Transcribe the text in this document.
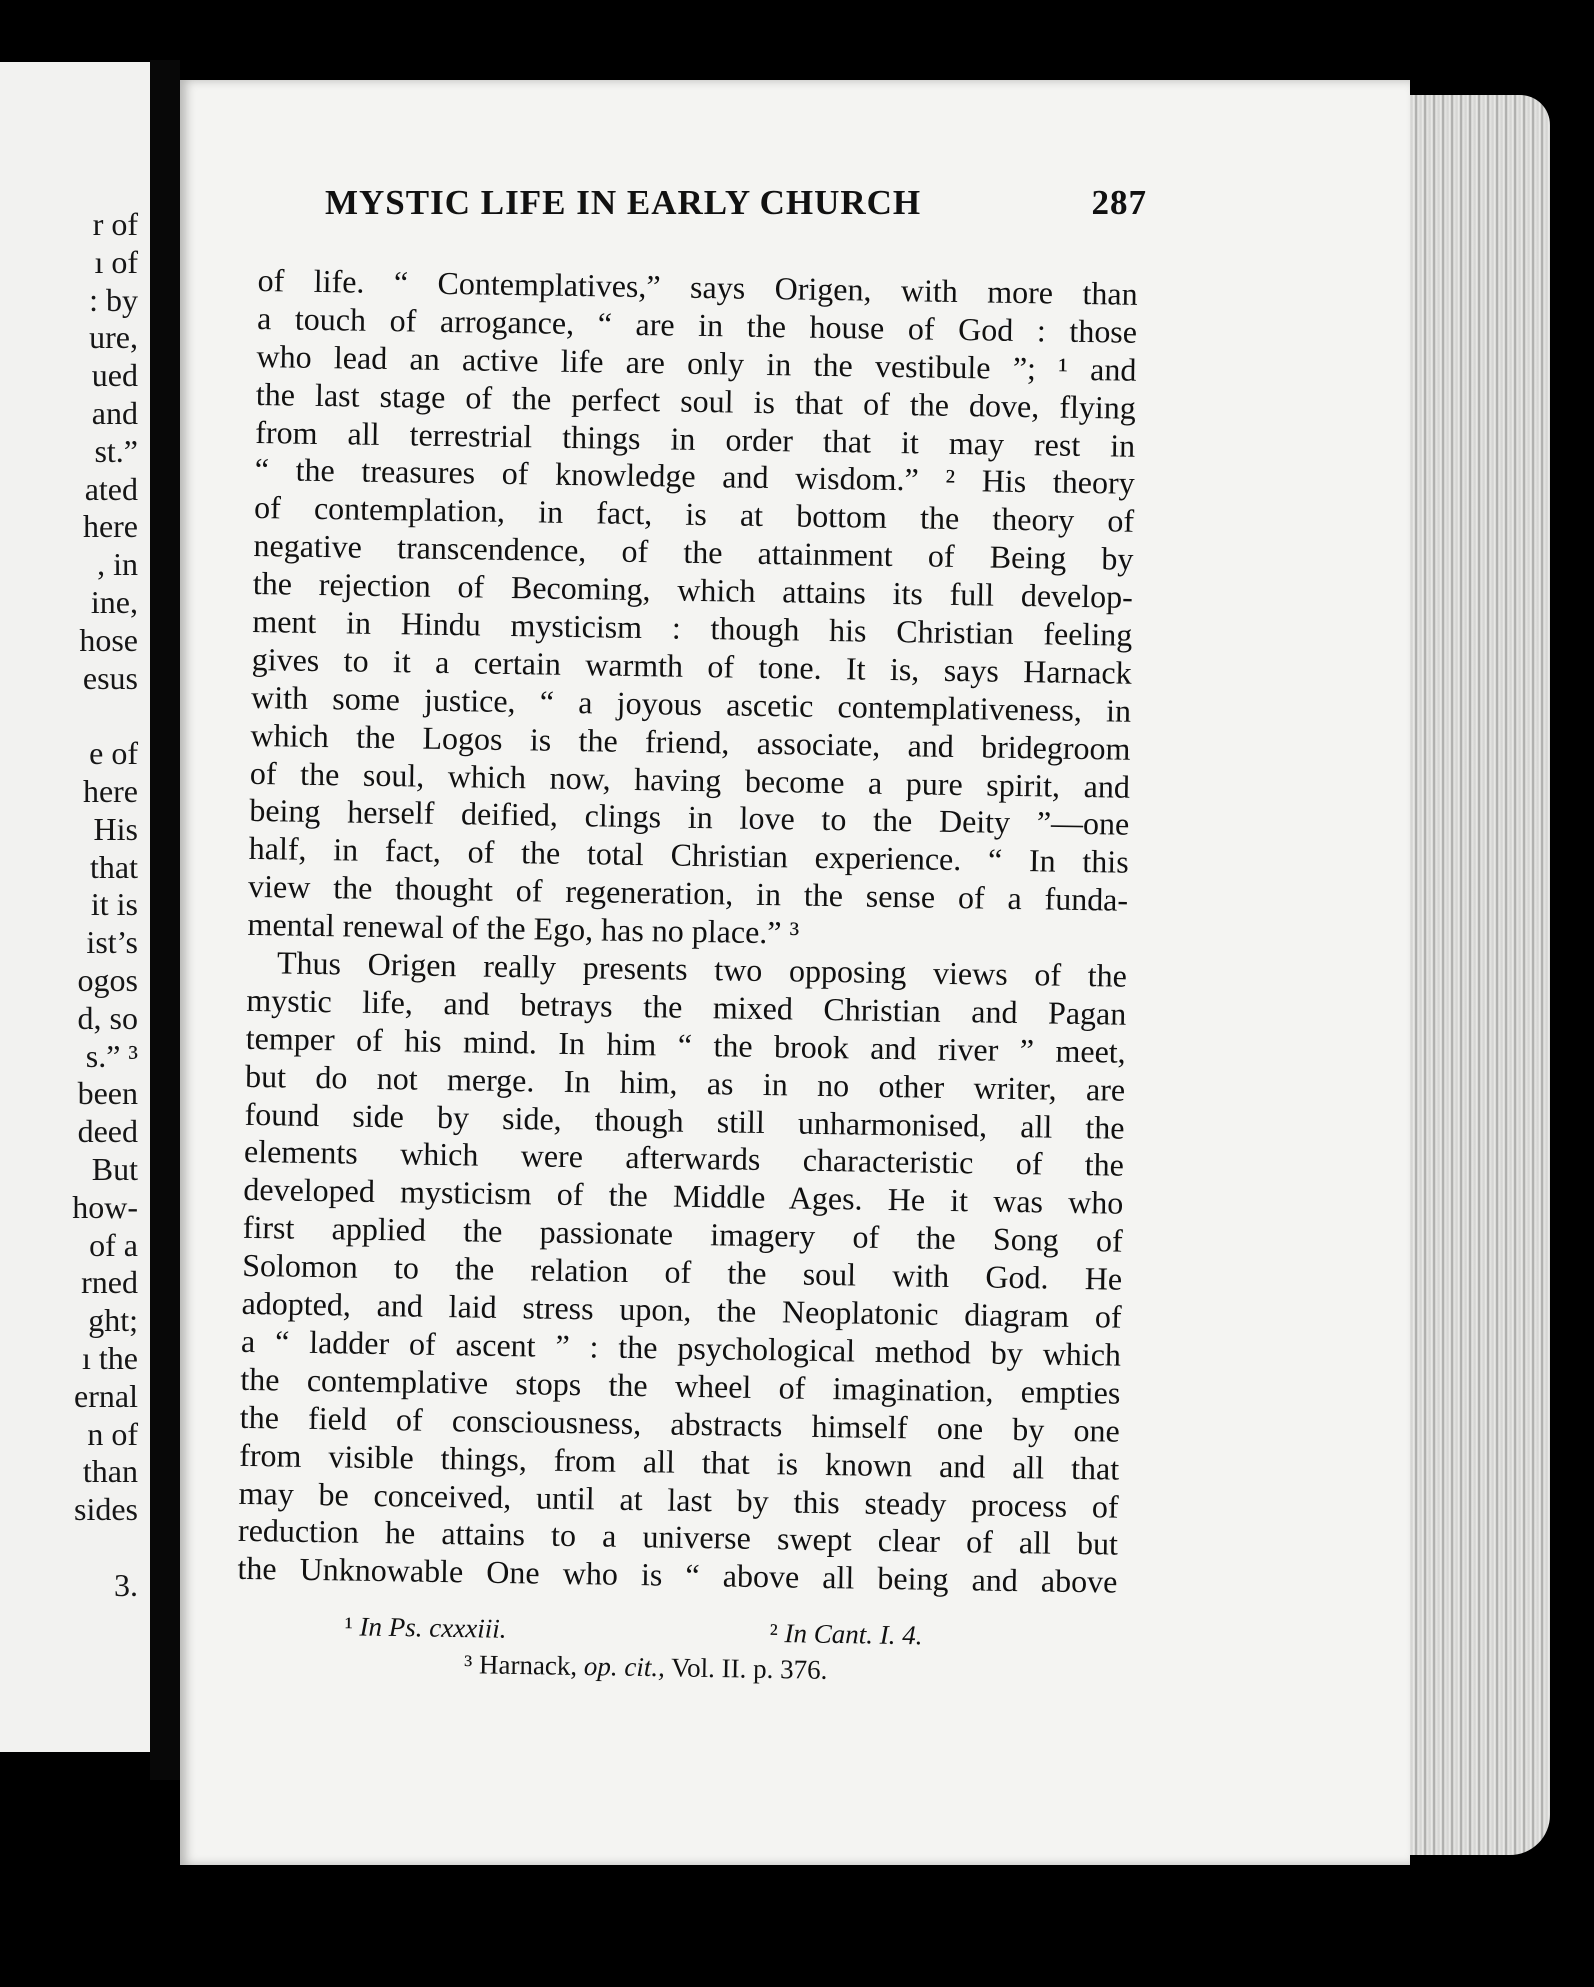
r of
ı of
: by
ure,
ued
and
st.”
ated
here
, in
ine,
hose
esus
e of
here
His
that
it is
ist’s
ogos
d, so
s.” ³
been
deed
But
how-
of a
rned
ght;
ı the
ernal
n of
than
sides
3.
MYSTIC LIFE IN EARLY CHURCH	287
of life. “ Contemplatives,” says Origen, with more than
a touch of arrogance, “ are in the house of God : those
who lead an active life are only in the vestibule ”; ¹ and
the last stage of the perfect soul is that of the dove, flying
from all terrestrial things in order that it may rest in
“ the treasures of knowledge and wisdom.” ² His theory
of contemplation, in fact, is at bottom the theory of
negative transcendence, of the attainment of Being by
the rejection of Becoming, which attains its full develop-
ment in Hindu mysticism : though his Christian feeling
gives to it a certain warmth of tone. It is, says Harnack
with some justice, “ a joyous ascetic contemplativeness, in
which the Logos is the friend, associate, and bridegroom
of the soul, which now, having become a pure spirit, and
being herself deified, clings in love to the Deity ”—one
half, in fact, of the total Christian experience. “ In this
view the thought of regeneration, in the sense of a funda-
mental renewal of the Ego, has no place.” ³
Thus Origen really presents two opposing views of the
mystic life, and betrays the mixed Christian and Pagan
temper of his mind. In him “ the brook and river ” meet,
but do not merge. In him, as in no other writer, are
found side by side, though still unharmonised, all the
elements which were afterwards characteristic of the
developed mysticism of the Middle Ages. He it was who
first applied the passionate imagery of the Song of
Solomon to the relation of the soul with God. He
adopted, and laid stress upon, the Neoplatonic diagram of
a “ ladder of ascent ” : the psychological method by which
the contemplative stops the wheel of imagination, empties
the field of consciousness, abstracts himself one by one
from visible things, from all that is known and all that
may be conceived, until at last by this steady process of
reduction he attains to a universe swept clear of all but
the Unknowable One who is “ above all being and above
¹ In Ps. cxxxiii.	² In Cant. I. 4.
³ Harnack, op. cit., Vol. II. p. 376.
